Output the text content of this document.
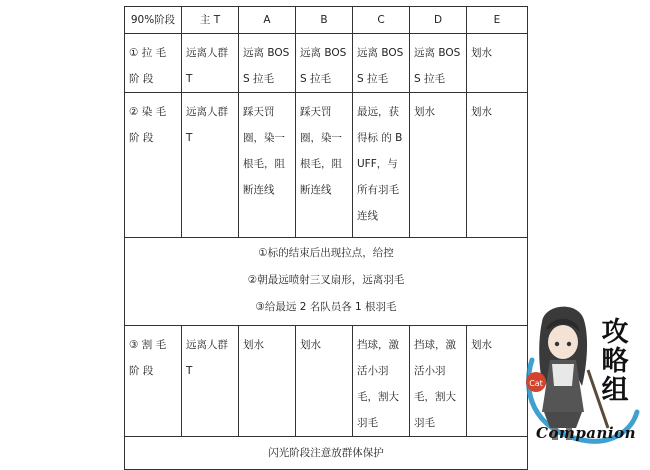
90%阶段	主 T	A	B	C	D	E
① 拉 毛 阶 段	远离人群T	远离 BOSS 拉毛	远离 BOSS 拉毛	远离 BOSS 拉毛	远离 BOSS 拉毛	划水
② 染 毛 阶 段	远离人群T	踩天罚圈，染一根毛，阻断连线	踩天罚圈，染一根毛，阻断连线	最远，获得标 的 BUFF，与所有羽毛连线	划水	划水

①标的结束后出现拉点，给控
②朝最远喷射三叉扇形，远离羽毛
③给最远 2 名队员各 1 根羽毛						

③ 割 毛 阶 段	远离人群T	划水	划水	挡球，激活小羽毛，割大羽毛	挡球，激活小羽毛，割大羽毛	划水
闪光阶段注意放群体保护						
Cat
攻略组
Companion
